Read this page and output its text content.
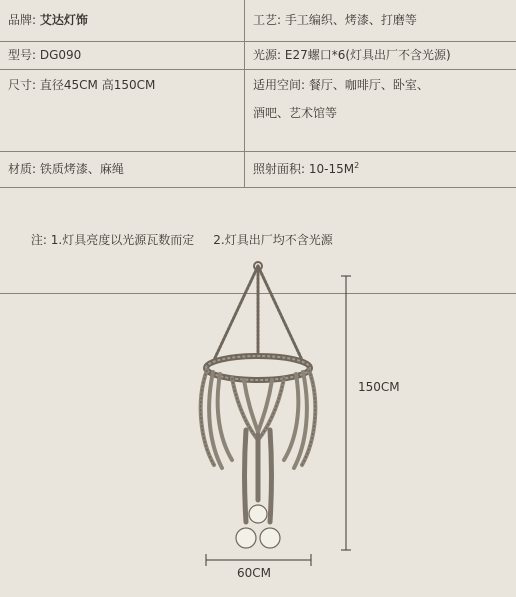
品牌: 艾达灯饰	工艺: 手工编织、烤漆、打磨等
型号: DG090	光源: E27螺口*6(灯具出厂不含光源)
尺寸: 直径45CM 高150CM	适用空间: 餐厅、咖啡厅、卧室、
酒吧、艺术馆等

材质: 铁质烤漆、麻绳	照射面积: $10-15M^2$

注: 1.灯具亮度以光源瓦数而定     2.灯具出厂均不含光源	

150CM
60CM
